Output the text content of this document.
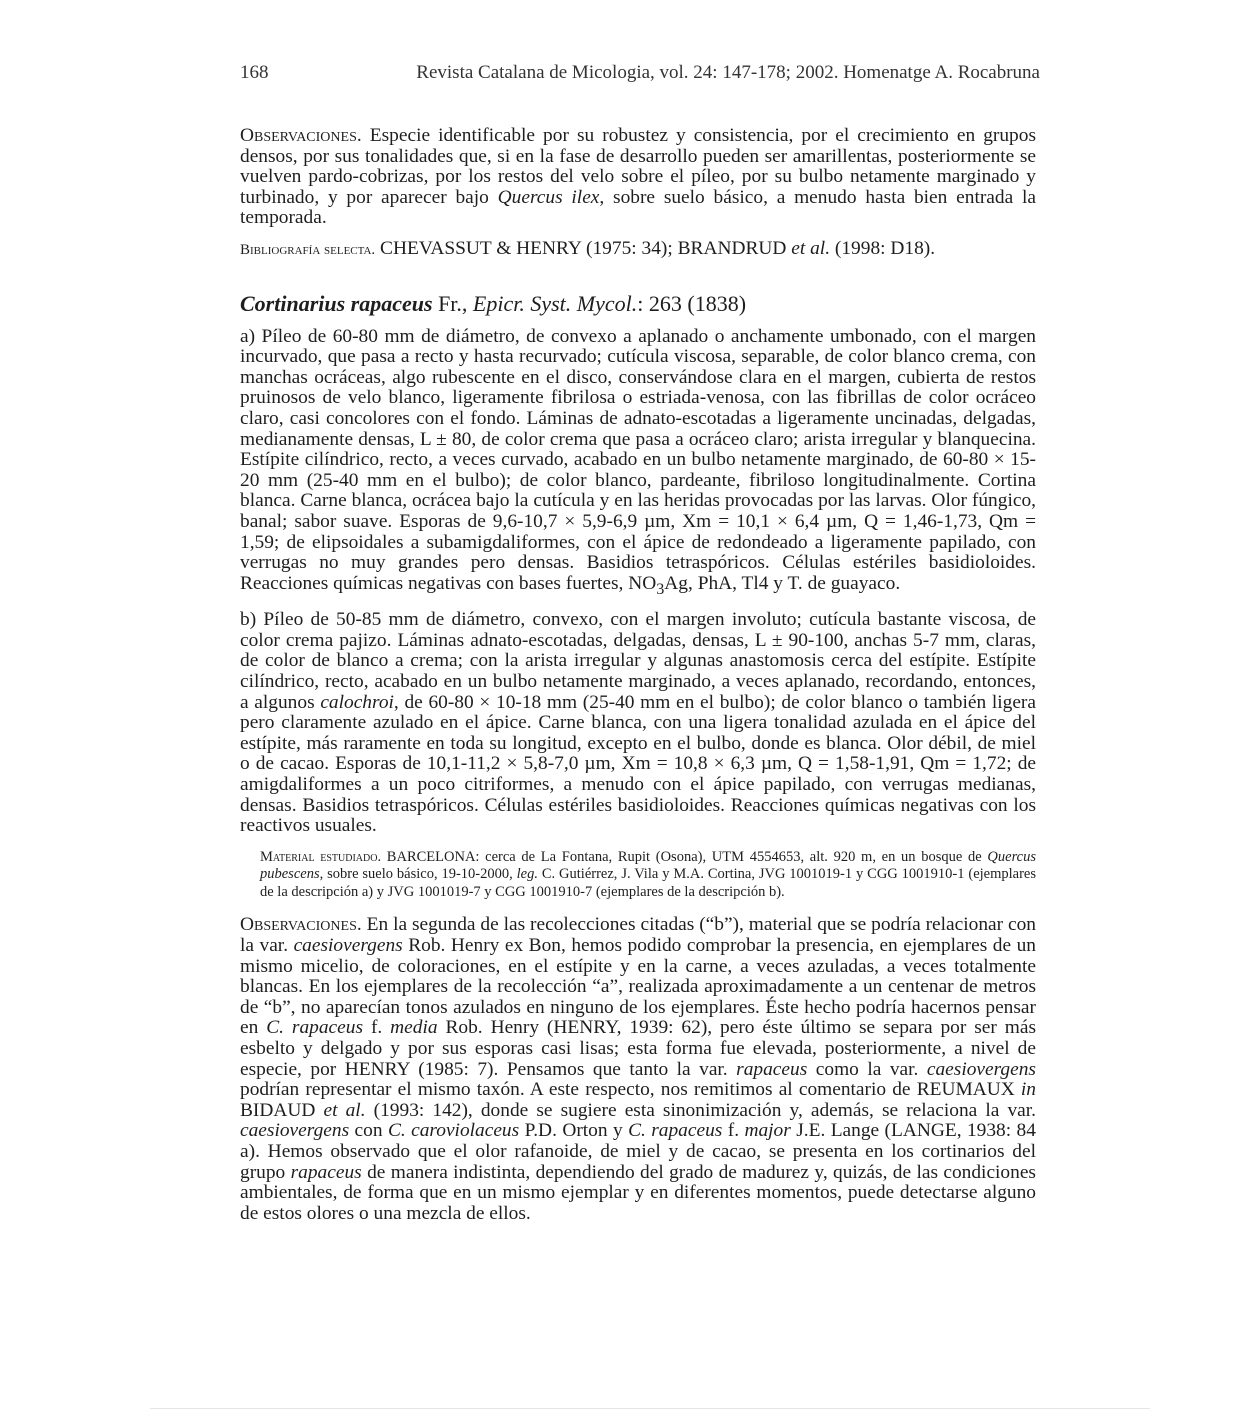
168	Revista Catalana de Micologia, vol. 24: 147-178; 2002. Homenatge A. Rocabruna

Observaciones. Especie identificable por su robustez y consistencia, por el crecimiento en grupos densos, por sus tonalidades que, si en la fase de desarrollo pueden ser amarillentas, posteriormente se vuelven pardo-cobrizas, por los restos del velo sobre el píleo, por su bulbo netamente marginado y turbinado, y por aparecer bajo Quercus ilex, sobre suelo básico, a menudo hasta bien entrada la temporada.

Bibliografía selecta. CHEVASSUT & HENRY (1975: 34); BRANDRUD et al. (1998: D18).

Cortinarius rapaceus Fr., Epicr. Syst. Mycol.: 263 (1838)

a) Píleo de 60-80 mm de diámetro, de convexo a aplanado o anchamente umbonado, con el margen incurvado, que pasa a recto y hasta recurvado; cutícula viscosa, separable, de color blanco crema, con manchas ocráceas, algo rubescente en el disco, conservándose clara en el margen, cubierta de restos pruinosos de velo blanco, ligeramente fibrilosa o estriada-venosa, con las fibrillas de color ocráceo claro, casi concolores con el fondo. Láminas de adnato-escotadas a ligeramente uncinadas, delgadas, medianamente densas, L ± 80, de color crema que pasa a ocráceo claro; arista irregular y blanquecina. Estípite cilíndrico, recto, a veces curvado, acabado en un bulbo netamente marginado, de 60-80 × 15-20 mm (25-40 mm en el bulbo); de color blanco, pardeante, fibriloso longitudinalmente. Cortina blanca. Carne blanca, ocrácea bajo la cutícula y en las heridas provocadas por las larvas. Olor fúngico, banal; sabor suave. Esporas de 9,6-10,7 × 5,9-6,9 µm, Xm = 10,1 × 6,4 µm, Q = 1,46-1,73, Qm = 1,59; de elipsoidales a subamigdaliformes, con el ápice de redondeado a ligeramente papilado, con verrugas no muy grandes pero densas. Basidios tetraspóricos. Células estériles basidioloides. Reacciones químicas negativas con bases fuertes, $NO_3Ag$, PhA, Tl4 y T. de guayaco.

b) Píleo de 50-85 mm de diámetro, convexo, con el margen involuto; cutícula bastante viscosa, de color crema pajizo. Láminas adnato-escotadas, delgadas, densas, L ± 90-100, anchas 5-7 mm, claras, de color de blanco a crema; con la arista irregular y algunas anastomosis cerca del estípite. Estípite cilíndrico, recto, acabado en un bulbo netamente marginado, a veces aplanado, recordando, entonces, a algunos calochroi, de 60-80 × 10-18 mm (25-40 mm en el bulbo); de color blanco o también ligera pero claramente azulado en el ápice. Carne blanca, con una ligera tonalidad azulada en el ápice del estípite, más raramente en toda su longitud, excepto en el bulbo, donde es blanca. Olor débil, de miel o de cacao. Esporas de 10,1-11,2 × 5,8-7,0 µm, Xm = 10,8 × 6,3 µm, Q = 1,58-1,91, Qm = 1,72; de amigdaliformes a un poco citriformes, a menudo con el ápice papilado, con verrugas medianas, densas. Basidios tetraspóricos. Células estériles basidioloides. Reacciones químicas negativas con los reactivos usuales.

Material estudiado. BARCELONA: cerca de La Fontana, Rupit (Osona), UTM 4554653, alt. 920 m, en un bosque de Quercus pubescens, sobre suelo básico, 19-10-2000, leg. C. Gutiérrez, J. Vila y M.A. Cortina, JVG 1001019-1 y CGG 1001910-1 (ejemplares de la descripción a) y JVG 1001019-7 y CGG 1001910-7 (ejemplares de la descripción b).

Observaciones. En la segunda de las recolecciones citadas (“b”), material que se podría relacionar con la var. caesiovergens Rob. Henry ex Bon, hemos podido comprobar la presencia, en ejemplares de un mismo micelio, de coloraciones, en el estípite y en la carne, a veces azuladas, a veces totalmente blancas. En los ejemplares de la recolección “a”, realizada aproximadamente a un centenar de metros de “b”, no aparecían tonos azulados en ninguno de los ejemplares. Éste hecho podría hacernos pensar en C. rapaceus f. media Rob. Henry (HENRY, 1939: 62), pero éste último se separa por ser más esbelto y delgado y por sus esporas casi lisas; esta forma fue elevada, posteriormente, a nivel de especie, por HENRY (1985: 7). Pensamos que tanto la var. rapaceus como la var. caesiovergens podrían representar el mismo taxón. A este respecto, nos remitimos al comentario de REUMAUX in BIDAUD et al. (1993: 142), donde se sugiere esta sinonimización y, además, se relaciona la var. caesiovergens con C. caroviolaceus P.D. Orton y C. rapaceus f. major J.E. Lange (LANGE, 1938: 84 a). Hemos observado que el olor rafanoide, de miel y de cacao, se presenta en los cortinarios del grupo rapaceus de manera indistinta, dependiendo del grado de madurez y, quizás, de las condiciones ambientales, de forma que en un mismo ejemplar y en diferentes momentos, puede detectarse alguno de estos olores o una mezcla de ellos.
